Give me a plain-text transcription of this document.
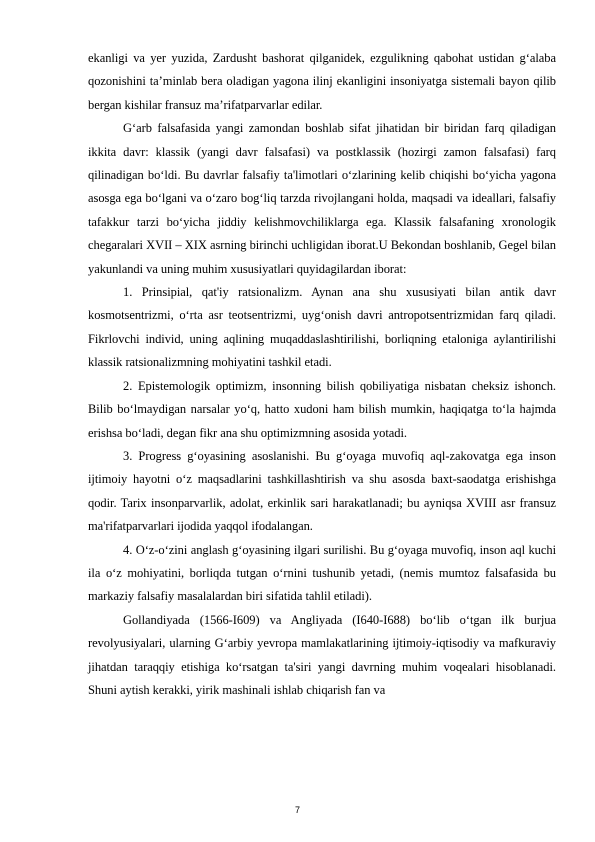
ekanligi va yer yuzida, Zardusht bashorat qilganidek, ezgulikning qabohat ustidan g‘alaba qozonishini ta’minlab bera oladigan yagona ilinj ekanligini insoniyatga sistemali bayon qilib bergan kishilar fransuz ma’rifatparvarlar edilar.

G‘arb falsafasida yangi zamondan boshlab sifat jihatidan bir biridan farq qiladigan ikkita davr: klassik (yangi davr falsafasi) va postklassik (hozirgi zamon falsafasi) farq qilinadigan bo‘ldi. Bu davrlar falsafiy ta'limotlari o‘zlarining kelib chiqishi bo‘yicha yagona asosga ega bo‘lgani va o‘zaro bog‘liq tarzda rivojlangani holda, maqsadi va ideallari, falsafiy tafakkur tarzi bo‘yicha jiddiy kelishmovchiliklarga ega. Klassik falsafaning xronologik chegaralari XVII – XIX asrning birinchi uchligidan iborat.U Bekondan boshlanib, Gegel bilan yakunlandi va uning muhim xususiyatlari quyidagilardan iborat:

1. Prinsipial, qat'iy ratsionalizm. Aynan ana shu xususiyati bilan antik davr kosmotsentrizmi, o‘rta asr teotsentrizmi, uyg‘onish davri antropotsentrizmidan farq qiladi. Fikrlovchi individ, uning aqlining muqaddaslashtirilishi, borliqning etaloniga aylantirilishi klassik ratsionalizmning mohiyatini tashkil etadi.

2. Epistemologik optimizm, insonning bilish qobiliyatiga nisbatan cheksiz ishonch. Bilib bo‘lmaydigan narsalar yo‘q, hatto xudoni ham bilish mumkin, haqiqatga to‘la hajmda erishsa bo‘ladi, degan fikr ana shu optimizmning asosida yotadi.

3. Progress g‘oyasining asoslanishi. Bu g‘oyaga muvofiq aql-zakovatga ega inson ijtimoiy hayotni o‘z maqsadlarini tashkillashtirish va shu asosda baxt-saodatga erishishga qodir. Tarix insonparvarlik, adolat, erkinlik sari harakatlanadi; bu ayniqsa XVIII asr fransuz ma'rifatparvarlari ijodida yaqqol ifodalangan.

4. O‘z-o‘zini anglash g‘oyasining ilgari surilishi. Bu g‘oyaga muvofiq, inson aql kuchi ila o‘z mohiyatini, borliqda tutgan o‘rnini tushunib yetadi, (nemis mumtoz falsafasida bu markaziy falsafiy masalalardan biri sifatida tahlil etiladi).

Gollandiyada (1566-I609) va Angliyada (I640-I688) bo‘lib o‘tgan ilk burjua revolyusiyalari, ularning G‘arbiy yevropa mamlakatlarining ijtimoiy-iqtisodiy va mafkuraviy jihatdan taraqqiy etishiga ko‘rsatgan ta'siri yangi davrning muhim voqealari hisoblanadi. Shuni aytish kerakki, yirik mashinali ishlab chiqarish fan va

7
